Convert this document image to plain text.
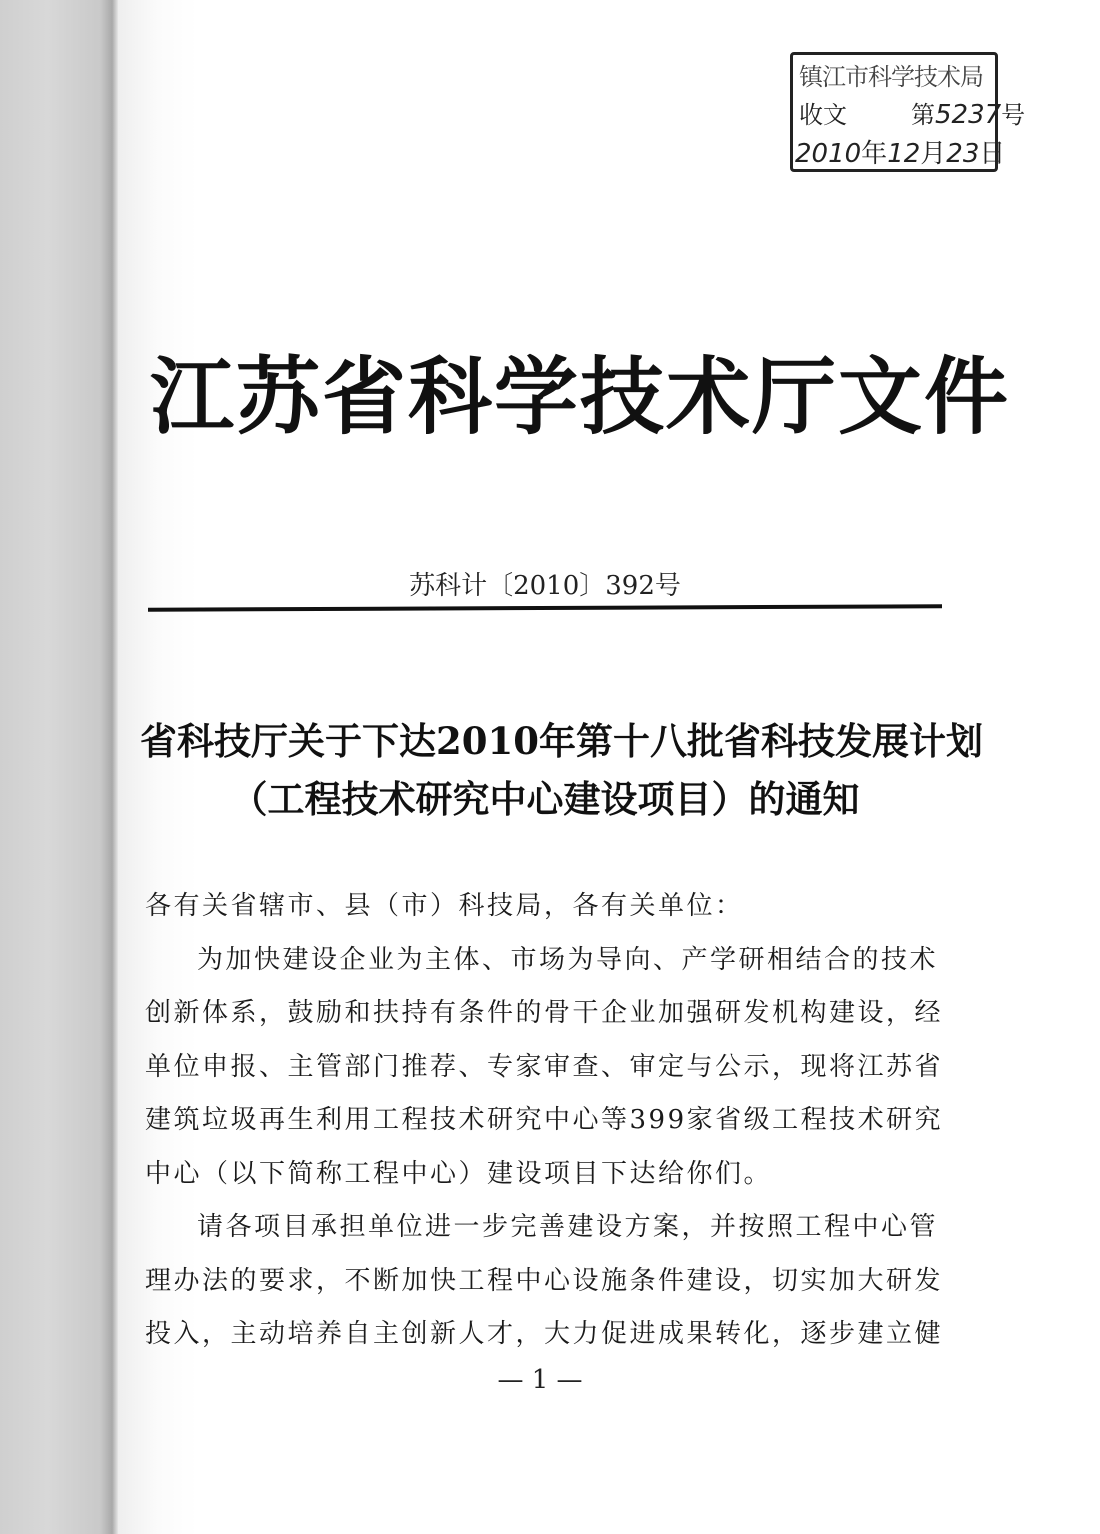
镇江市科学技术局
收文	第5237号
2010年12月23日
江苏省科学技术厅文件
苏科计〔2010〕392号
省科技厅关于下达2010年第十八批省科技发展计划
（工程技术研究中心建设项目）的通知

各有关省辖市、县（市）科技局，各有关单位：

为加快建设企业为主体、市场为导向、产学研相结合的技术

创新体系，鼓励和扶持有条件的骨干企业加强研发机构建设，经

单位申报、主管部门推荐、专家审查、审定与公示，现将江苏省

建筑垃圾再生利用工程技术研究中心等399家省级工程技术研究

中心（以下简称工程中心）建设项目下达给你们。

请各项目承担单位进一步完善建设方案，并按照工程中心管

理办法的要求，不断加快工程中心设施条件建设，切实加大研发

投入，主动培养自主创新人才，大力促进成果转化，逐步建立健

— 1 —
